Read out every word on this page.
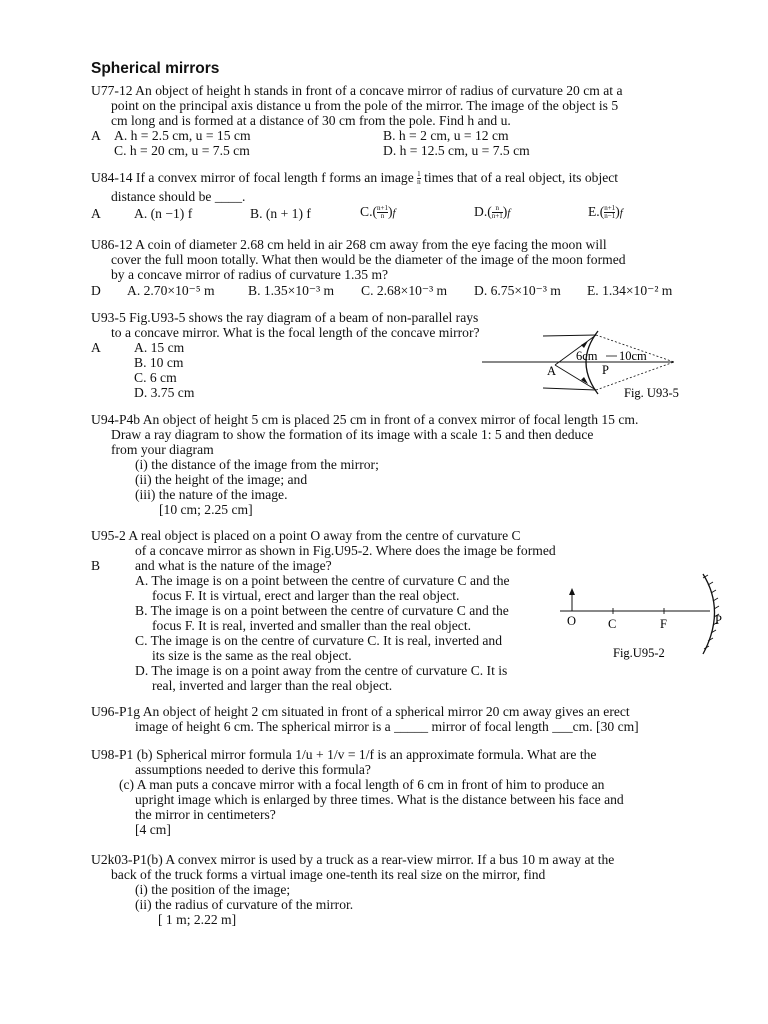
Spherical mirrors
U77-12 An object of height h stands in front of a concave mirror of radius of curvature 20 cm at a
point on the principal axis distance u from the pole of the mirror. The image of the object is 5
cm long and is formed at a distance of 30 cm from the pole. Find h and u.
A A. h = 2.5 cm, u = 15 cm	B. h = 2 cm, u = 12 cm
C. h = 20 cm, u = 7.5 cm	D. h = 12.5 cm, u = 7.5 cm
U84-14 If a convex mirror of focal length f forms an image $\frac{1}{n}$ times that of a real object, its object
distance should be ____.
A A. (n −1) f	B. (n + 1) f	$C.( \frac{n+1}{n} )f$	$D.( \frac{n}{n+1} )f$	$E.( \frac{n+1}{n-1} )f$
U86-12 A coin of diameter 2.68 cm held in air 268 cm away from the eye facing the moon will
cover the full moon totally. What then would be the diameter of the image of the moon formed
by a concave mirror of radius of curvature 1.35 m?
D A. 2.70×10⁻⁵ m B. 1.35×10⁻³ m C. 2.68×10⁻³ m D. 6.75×10⁻³ m E. 1.34×10⁻² m
U93-5 Fig.U93-5 shows the ray diagram of a beam of non-parallel rays
to a concave mirror. What is the focal length of the concave mirror?
A A. 15 cm
B. 10 cm
C. 6 cm
D. 3.75 cm
6cm 10cm
A	P
Fig. U93-5
U94-P4b An object of height 5 cm is placed 25 cm in front of a convex mirror of focal length 15 cm.
Draw a ray diagram to show the formation of its image with a scale 1: 5 and then deduce
from your diagram
(i) the distance of the image from the mirror;
(ii) the height of the image; and
(iii) the nature of the image.
[10 cm; 2.25 cm]
U95-2 A real object is placed on a point O away from the centre of curvature C
of a concave mirror as shown in Fig.U95-2. Where does the image be formed
and what is the nature of the image?
B
A. The image is on a point between the centre of curvature C and the
focus F. It is virtual, erect and larger than the real object.
B. The image is on a point between the centre of curvature C and the
focus F. It is real, inverted and smaller than the real object.
C. The image is on the centre of curvature C. It is real, inverted and
its size is the same as the real object.
D. The image is on a point away from the centre of curvature C. It is
real, inverted and larger than the real object.
O	C	F	P
Fig.U95-2
U96-P1g An object of height 2 cm situated in front of a spherical mirror 20 cm away gives an erect
image of height 6 cm. The spherical mirror is a _____ mirror of focal length ___cm. [30 cm]
U98-P1 (b) Spherical mirror formula 1/u + 1/v = 1/f is an approximate formula. What are the
assumptions needed to derive this formula?
(c) A man puts a concave mirror with a focal length of 6 cm in front of him to produce an
upright image which is enlarged by three times. What is the distance between his face and
the mirror in centimeters?
[4 cm]
U2k03-P1(b) A convex mirror is used by a truck as a rear-view mirror. If a bus 10 m away at the
back of the truck forms a virtual image one-tenth its real size on the mirror, find
(i) the position of the image;
(ii) the radius of curvature of the mirror.
[ 1 m; 2.22 m]
